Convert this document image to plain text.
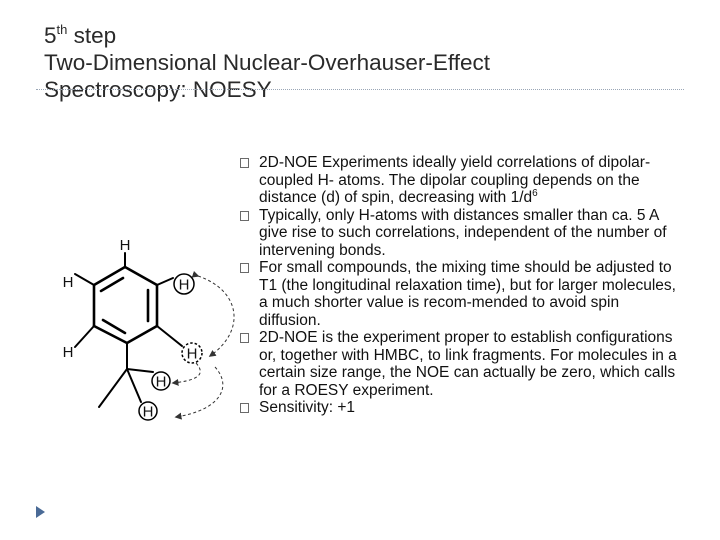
5th step
Two-Dimensional Nuclear-Overhauser-Effect
Spectroscopy: NOESY
H
H
H
H
H
H
H
2D-NOE Experiments ideally yield correlations of dipolar-coupled H- atoms. The dipolar coupling depends on the distance (d) of spin, decreasing with $1/d^6$
Typically, only H-atoms with distances smaller than ca. 5 A give rise to such correlations, independent of the number of intervening bonds.
For small compounds, the mixing time should be adjusted to T1 (the longitudinal relaxation time), but for larger molecules, a much shorter value is recom-mended to avoid spin diffusion.
2D-NOE is the experiment proper to establish configurations or, together with HMBC, to link fragments. For molecules in a certain size range, the NOE can actually be zero, which calls for a ROESY experiment.
Sensitivity: +1
